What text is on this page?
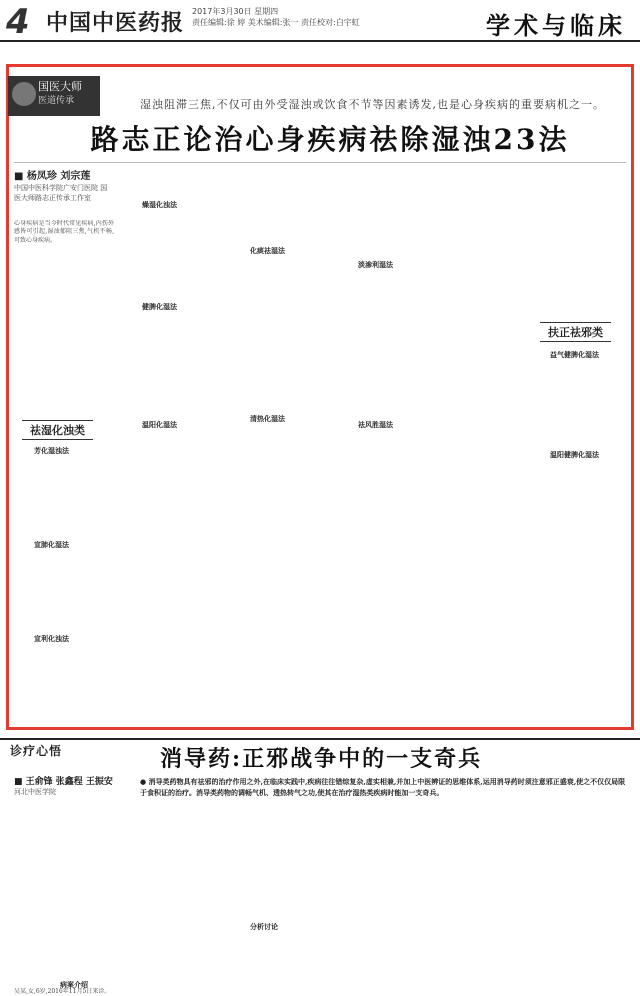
4 中国中医药报 2017年3月30日 星期四
责任编辑:徐 婷 美术编辑:张一 责任校对:白宇虹	学术与临床
国医大师
医道传承	湿浊阻滞三焦,不仅可由外受湿浊或饮食不节等因素诱发,也是心身疾病的重要病机之一。
路志正论治心身疾病祛除湿浊23法
■ 杨凤珍 刘宗莲
中国中医科学院广安门医院 国医大师路志正传承工作室
心身疾病是当今时代常见疾病,内伤外感皆可引起,湿浊郁阻三焦,气机不畅,可致心身疾病。
祛湿化浊类
扶正祛邪类
芳化湿浊法
宣肺化湿法
宣利化浊法
燥湿化浊法
健脾化湿法
温阳化湿法
化痰祛湿法
清热化湿法
淡渗利湿法
祛风胜湿法
益气健脾化湿法
温阳健脾化湿法
诊疗心悟	消导药:正邪战争中的一支奇兵
■ 王俞锋 张鑫程 王振安
河北中医学院
● 消导类药物具有祛邪的治疗作用之外,在临床实践中,疾病往往错综复杂,虚实相兼,并加上中医辨证的思维体系,运用消导药时须注意邪正盛衰,使之不仅仅局限于食积证的治疗。消导类药物的调畅气机、透热转气之功,使其在治疗湿热类疾病时能加一支奇兵。
病案介绍
分析讨论
吴某,女,6岁,2016年11月5日来诊。
